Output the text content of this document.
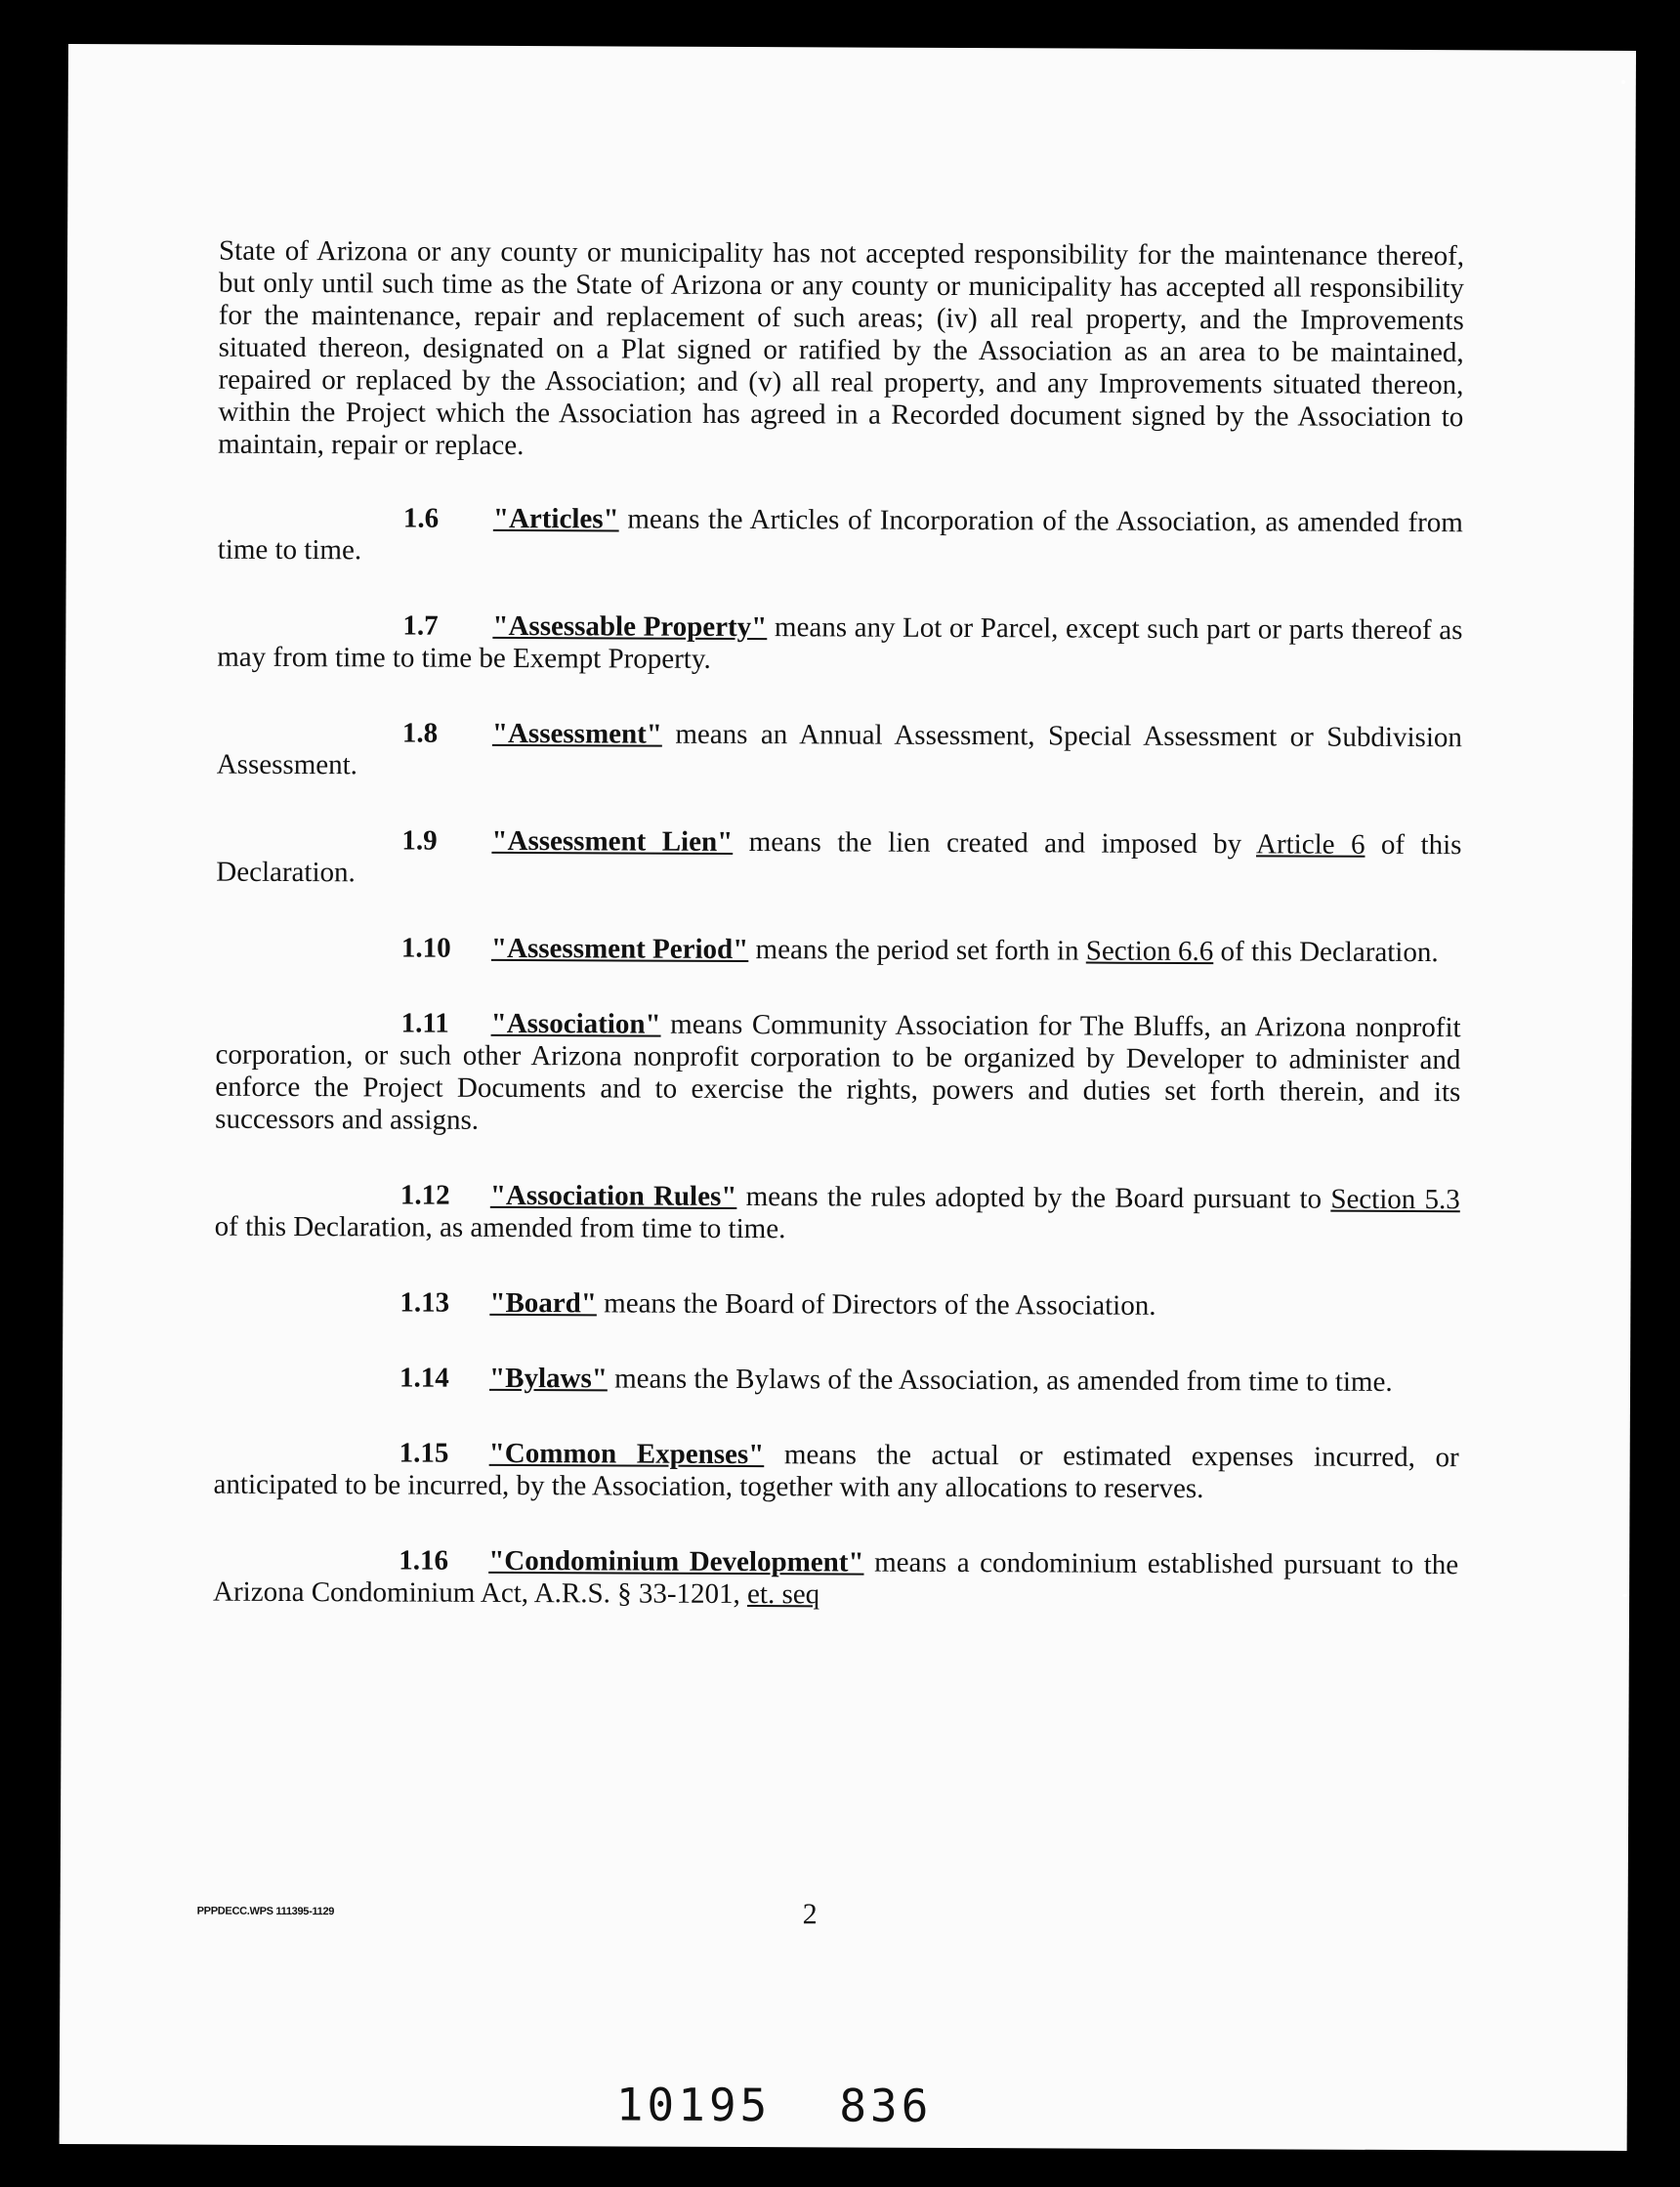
State of Arizona or any county or municipality has not accepted responsibility for the maintenance thereof, but only until such time as the State of Arizona or any county or municipality has accepted all responsibility for the maintenance, repair and replacement of such areas; (iv) all real property, and the Improvements situated thereon, designated on a Plat signed or ratified by the Association as an area to be maintained, repaired or replaced by the Association; and (v) all real property, and any Improvements situated thereon, within the Project which the Association has agreed in a Recorded document signed by the Association to maintain, repair or replace.

1.6 "Articles" means the Articles of Incorporation of the Association, as amended from time to time.

1.7 "Assessable Property" means any Lot or Parcel, except such part or parts thereof as may from time to time be Exempt Property.

1.8 "Assessment" means an Annual Assessment, Special Assessment or Subdivision Assessment.

1.9 "Assessment Lien" means the lien created and imposed by Article 6 of this Declaration.

1.10 "Assessment Period" means the period set forth in Section 6.6 of this Declaration.

1.11 "Association" means Community Association for The Bluffs, an Arizona nonprofit corporation, or such other Arizona nonprofit corporation to be organized by Developer to administer and enforce the Project Documents and to exercise the rights, powers and duties set forth therein, and its successors and assigns.

1.12 "Association Rules" means the rules adopted by the Board pursuant to Section 5.3 of this Declaration, as amended from time to time.

1.13 "Board" means the Board of Directors of the Association.

1.14 "Bylaws" means the Bylaws of the Association, as amended from time to time.

1.15 "Common Expenses" means the actual or estimated expenses incurred, or anticipated to be incurred, by the Association, together with any allocations to reserves.

1.16 "Condominium Development" means a condominium established pursuant to the Arizona Condominium Act, A.R.S. § 33-1201, et. seq

PPPDECC.WPS 111395-1129	2
10195 836
